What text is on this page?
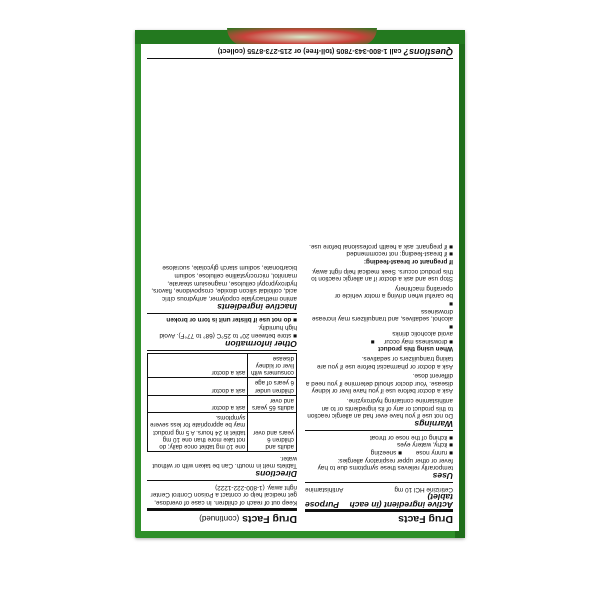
Drug Facts
Active ingredient (in each tablet)
Purpose
Cetirizine HCl 10 mg
Antihistamine
Uses
temporarily relieves these symptoms due to hay fever or other upper respiratory allergies:
■ runny nose ■ sneezing
■ itchy, watery eyes ■ itching of the nose or throat
Warnings
Do not use if you have ever had an allergic reaction to this product or any of its ingredients or to an antihistamine containing hydroxyzine.
Ask a doctor before use if you have liver or kidney disease. Your doctor should determine if you need a different dose.
Ask a doctor or pharmacist before use if you are taking tranquilizers or sedatives.
When using this product
■ drowsiness may occur  ■ avoid alcoholic drinks
■ alcohol, sedatives, and tranquilizers may increase drowsiness
■ be careful when driving a motor vehicle or operating machinery
Stop use and ask a doctor if an allergic reaction to this product occurs. Seek medical help right away.
If pregnant or breast-feeding:
■ if breast-feeding: not recommended
■ if pregnant: ask a health professional before use.
Drug Facts (continued)
Keep out of reach of children. In case of overdose, get medical help or contact a Poison Control Center right away. (1-800-222-1222)
Directions
Tablets melt in mouth. Can be taken with or without water.
adults and children 6 years and over	one 10 mg tablet once daily; do not take more than one 10 mg tablet in 24 hours. A 5 mg product may be appropriate for less severe symptoms.
adults 65 years and over	ask a doctor
children under 6 years of age	ask a doctor
consumers with liver or kidney disease	ask a doctor
Other information
■ store between 20° to 25°C (68° to 77°F). Avoid high humidity.
■ do not use if blister unit is torn or broken
Inactive ingredients
amino methacrylate copolymer, anhydrous citric acid, colloidal silicon dioxide, crospovidone, flavors, hydroxypropyl cellulose, magnesium stearate, mannitol, microcrystalline cellulose, sodium bicarbonate, sodium starch glycolate, sucralose
Questions? call 1-800-343-7805 (toll-free) or 215-273-8755 (collect)
